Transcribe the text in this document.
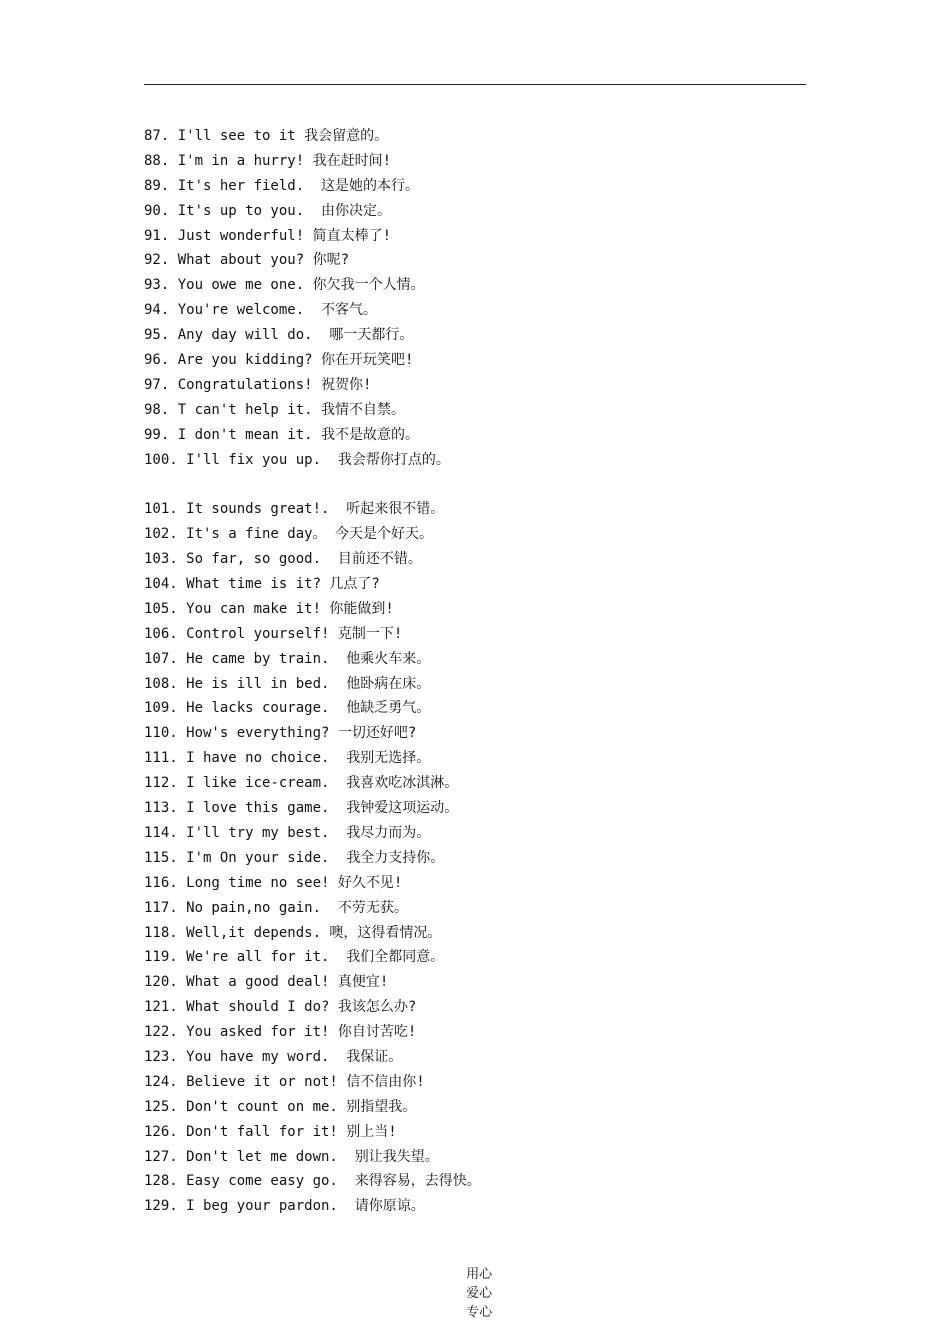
87. I'll see to it 我会留意的。
88. I'm in a hurry! 我在赶时间!
89. It's her field.  这是她的本行。
90. It's up to you.  由你决定。
91. Just wonderful! 简直太棒了!
92. What about you? 你呢?
93. You owe me one. 你欠我一个人情。
94. You're welcome.  不客气。
95. Any day will do.  哪一天都行。
96. Are you kidding? 你在开玩笑吧!
97. Congratulations! 祝贺你!
98. T can't help it. 我情不自禁。
99. I don't mean it. 我不是故意的。
100. I'll fix you up.  我会帮你打点的。
101. It sounds great!.  听起来很不错。
102. It's a fine day。 今天是个好天。
103. So far, so good.  目前还不错。
104. What time is it? 几点了?
105. You can make it! 你能做到!
106. Control yourself! 克制一下!
107. He came by train.  他乘火车来。
108. He is ill in bed.  他卧病在床。
109. He lacks courage.  他缺乏勇气。
110. How's everything? 一切还好吧?
111. I have no choice.  我别无选择。
112. I like ice-cream.  我喜欢吃冰淇淋。
113. I love this game.  我钟爱这项运动。
114. I'll try my best.  我尽力而为。
115. I'm On your side.  我全力支持你。
116. Long time no see! 好久不见!
117. No pain,no gain.  不劳无获。
118. Well,it depends. 噢，这得看情况。
119. We're all for it.  我们全都同意。
120. What a good deal! 真便宜!
121. What should I do? 我该怎么办?
122. You asked for it! 你自讨苦吃!
123. You have my word.  我保证。
124. Believe it or not! 信不信由你!
125. Don't count on me. 别指望我。
126. Don't fall for it! 别上当!
127. Don't let me down.  别让我失望。
128. Easy come easy go.  来得容易，去得快。
129. I beg your pardon.  请你原谅。

用心
爱心
专心
